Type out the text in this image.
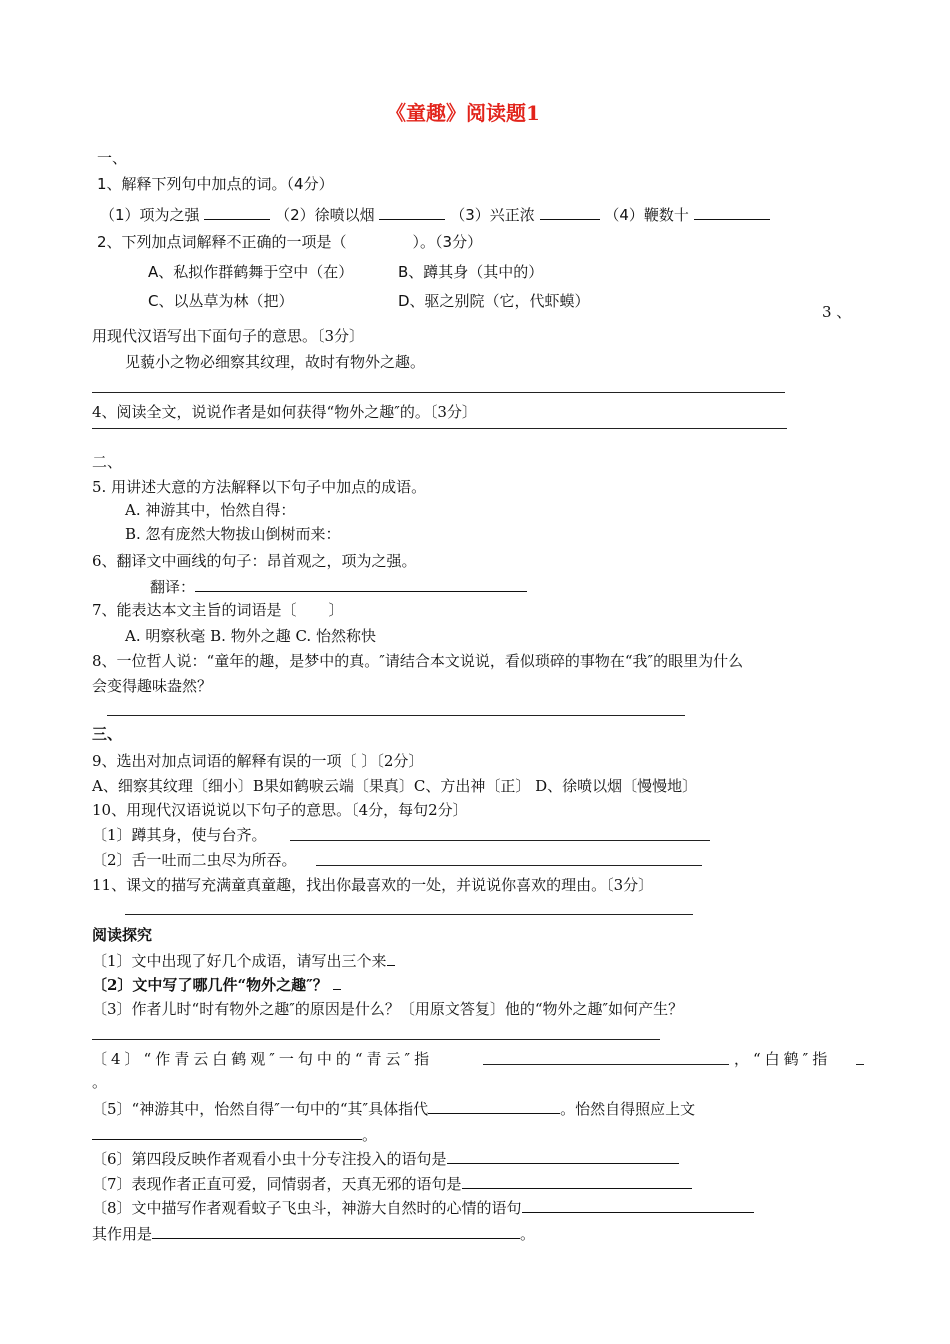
《童趣》阅读题1
一、
1、解释下列句中加点的词。（4分）
（1）项为之强	（2）徐喷以烟	（3）兴正浓	（4）鞭数十
2、下列加点词解释不正确的一项是（	）。（3分）
A、私拟作群鹤舞于空中（在）	B、蹲其身（其中的）
C、以丛草为林（把）	D、驱之别院（它，代虾蟆）
3 、
用现代汉语写出下面句子的意思。〔3分〕
见藐小之物必细察其纹理，故时有物外之趣。
4、阅读全文，说说作者是如何获得“物外之趣″的。〔3分〕
二、
5. 用讲述大意的方法解释以下句子中加点的成语。
A. 神游其中，怡然自得：
B. 忽有庞然大物拔山倒树而来：
6、翻译文中画线的句子：昂首观之，项为之强。
翻译：
7、能表达本文主旨的词语是〔 〕
A. 明察秋毫 B. 物外之趣 C. 怡然称快
8、一位哲人说：“童年的趣，是梦中的真。″请结合本文说说，看似琐碎的事物在“我″的眼里为什么
会变得趣味盎然？
三、
9、选出对加点词语的解释有误的一项〔 〕〔2分〕
A、细察其纹理〔细小〕B果如鹤唳云端〔果真〕C、方出神〔正〕 D、徐喷以烟〔慢慢地〕
10、用现代汉语说说以下句子的意思。〔4分，每句2分〕
〔1〕蹲其身，使与台齐。
〔2〕舌一吐而二虫尽为所吞。
11、课文的描写充满童真童趣，找出你最喜欢的一处，并说说你喜欢的理由。〔3分〕
阅读探究
〔1〕文中出现了好几个成语，请写出三个来
〔2〕文中写了哪几件“物外之趣″？
〔3〕作者儿时“时有物外之趣″的原因是什么？〔用原文答复〕他的“物外之趣″如何产生？
〔4〕“作青云白鹤观″一句中的“青云″指	，“白鹤″指
。
〔5〕“神游其中，怡然自得″一句中的“其″具体指代	。怡然自得照应上文
。
〔6〕第四段反映作者观看小虫十分专注投入的语句是
〔7〕表现作者正直可爱，同情弱者，天真无邪的语句是
〔8〕文中描写作者观看蚊子飞虫斗，神游大自然时的心情的语句
其作用是	。
